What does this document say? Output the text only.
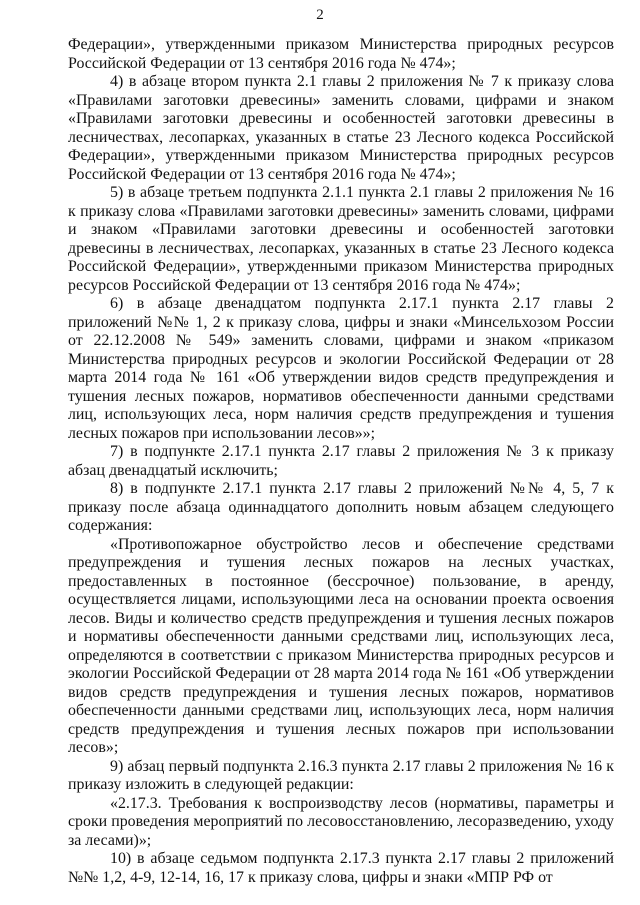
2

Федерации», утвержденными приказом Министерства природных ресурсов Российской Федерации от 13 сентября 2016 года № 474»;

4) в абзаце втором пункта 2.1 главы 2 приложения № 7 к приказу слова «Правилами заготовки древесины» заменить словами, цифрами и знаком «Правилами заготовки древесины и особенностей заготовки древесины в лесничествах, лесопарках, указанных в статье 23 Лесного кодекса Российской Федерации», утвержденными приказом Министерства природных ресурсов Российской Федерации от 13 сентября 2016 года № 474»;

5) в абзаце третьем подпункта 2.1.1 пункта 2.1 главы 2 приложения № 16 к приказу слова «Правилами заготовки древесины» заменить словами, цифрами и знаком «Правилами заготовки древесины и особенностей заготовки древесины в лесничествах, лесопарках, указанных в статье 23 Лесного кодекса Российской Федерации», утвержденными приказом Министерства природных ресурсов Российской Федерации от 13 сентября 2016 года № 474»;

6) в абзаце двенадцатом подпункта 2.17.1 пункта 2.17 главы 2 приложений №№ 1, 2 к приказу слова, цифры и знаки «Минсельхозом России от 22.12.2008 № 549» заменить словами, цифрами и знаком «приказом Министерства природных ресурсов и экологии Российской Федерации от 28 марта 2014 года № 161 «Об утверждении видов средств предупреждения и тушения лесных пожаров, нормативов обеспеченности данными средствами лиц, использующих леса, норм наличия средств предупреждения и тушения лесных пожаров при использовании лесов»»;

7) в подпункте 2.17.1 пункта 2.17 главы 2 приложения № 3 к приказу абзац двенадцатый исключить;

8) в подпункте 2.17.1 пункта 2.17 главы 2 приложений №№ 4, 5, 7 к приказу после абзаца одиннадцатого дополнить новым абзацем следующего содержания:

«Противопожарное обустройство лесов и обеспечение средствами предупреждения и тушения лесных пожаров на лесных участках, предоставленных в постоянное (бессрочное) пользование, в аренду, осуществляется лицами, использующими леса на основании проекта освоения лесов. Виды и количество средств предупреждения и тушения лесных пожаров и нормативы обеспеченности данными средствами лиц, использующих леса, определяются в соответствии с приказом Министерства природных ресурсов и экологии Российской Федерации от 28 марта 2014 года № 161 «Об утверждении видов средств предупреждения и тушения лесных пожаров, нормативов обеспеченности данными средствами лиц, использующих леса, норм наличия средств предупреждения и тушения лесных пожаров при использовании лесов»;

9) абзац первый подпункта 2.16.3 пункта 2.17 главы 2 приложения № 16 к приказу изложить в следующей редакции:

«2.17.3. Требования к воспроизводству лесов (нормативы, параметры и сроки проведения мероприятий по лесовосстановлению, лесоразведению, уходу за лесами)»;

10) в абзаце седьмом подпункта 2.17.3 пункта 2.17 главы 2 приложений №№ 1,2, 4-9, 12-14, 16, 17 к приказу слова, цифры и знаки «МПР РФ от
